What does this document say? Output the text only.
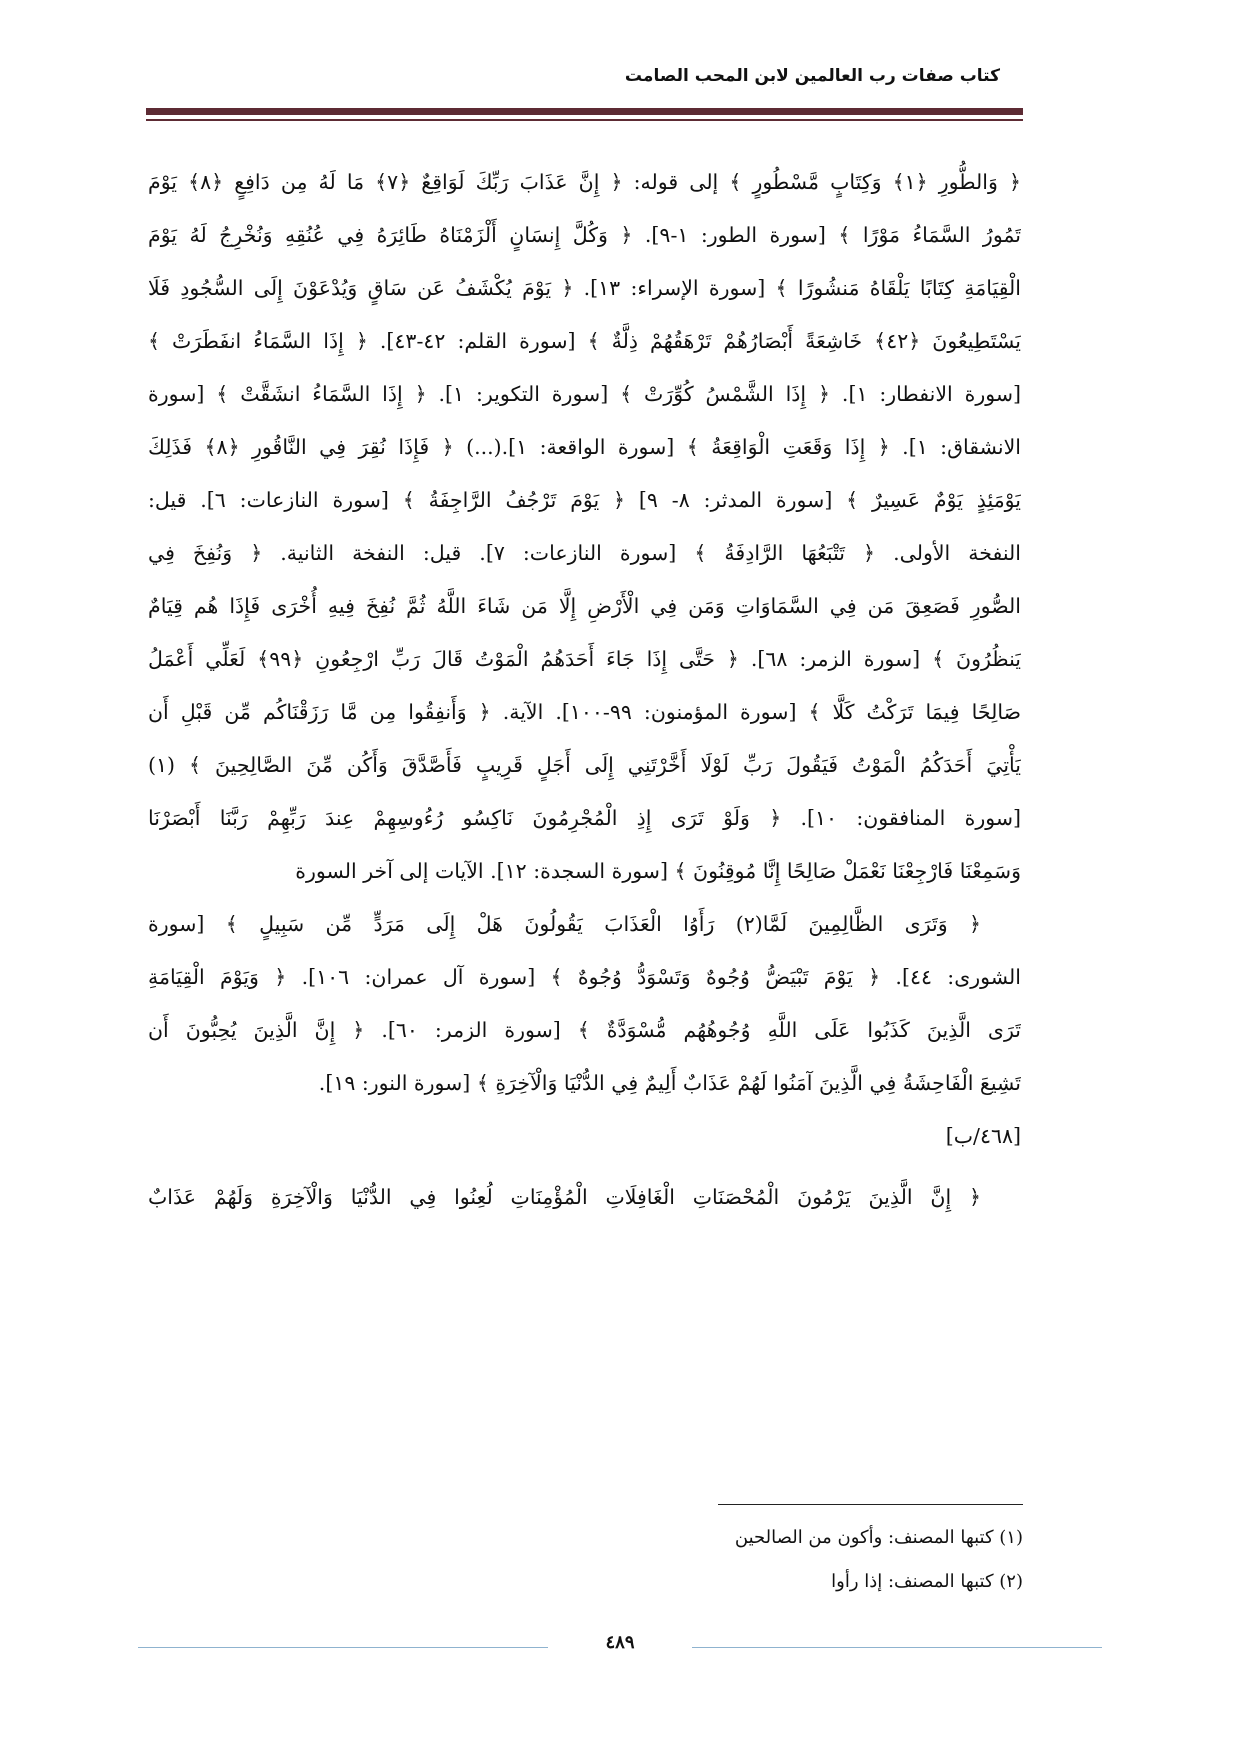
كتاب صفات رب العالمين لابن المحب الصامت
﴿ وَالطُّورِ ﴿١﴾ وَكِتَابٍ مَّسْطُورٍ ﴾ إلى قوله: ﴿ إِنَّ عَذَابَ رَبِّكَ لَوَاقِعٌ ﴿٧﴾ مَا لَهُ مِن دَافِعٍ ﴿٨﴾ يَوْمَ
تَمُورُ السَّمَاءُ مَوْرًا ﴾ [سورة الطور: ١-٩]. ﴿ وَكُلَّ إِنسَانٍ أَلْزَمْنَاهُ طَائِرَهُ فِي عُنُقِهِ وَنُخْرِجُ لَهُ يَوْمَ
الْقِيَامَةِ كِتَابًا يَلْقَاهُ مَنشُورًا ﴾ [سورة الإسراء: ١٣]. ﴿ يَوْمَ يُكْشَفُ عَن سَاقٍ وَيُدْعَوْنَ إِلَى السُّجُودِ فَلَا
يَسْتَطِيعُونَ ﴿٤٢﴾ خَاشِعَةً أَبْصَارُهُمْ تَرْهَقُهُمْ ذِلَّةٌ ﴾ [سورة القلم: ٤٢-٤٣]. ﴿ إِذَا السَّمَاءُ انفَطَرَتْ ﴾
[سورة الانفطار: ١]. ﴿ إِذَا الشَّمْسُ كُوِّرَتْ ﴾ [سورة التكوير: ١]. ﴿ إِذَا السَّمَاءُ انشَقَّتْ ﴾ [سورة
الانشقاق: ١]. ﴿ إِذَا وَقَعَتِ الْوَاقِعَةُ ﴾ [سورة الواقعة: ١].(...) ﴿ فَإِذَا نُقِرَ فِي النَّاقُورِ ﴿٨﴾ فَذَلِكَ
يَوْمَئِذٍ يَوْمٌ عَسِيرٌ ﴾ [سورة المدثر: ٨- ٩] ﴿ يَوْمَ تَرْجُفُ الرَّاجِفَةُ ﴾ [سورة النازعات: ٦]. قيل:
النفخة الأولى. ﴿ تَتْبَعُهَا الرَّادِفَةُ ﴾ [سورة النازعات: ٧]. قيل: النفخة الثانية. ﴿ وَنُفِخَ فِي
الصُّورِ فَصَعِقَ مَن فِي السَّمَاوَاتِ وَمَن فِي الْأَرْضِ إِلَّا مَن شَاءَ اللَّهُ ثُمَّ نُفِخَ فِيهِ أُخْرَى فَإِذَا هُم قِيَامٌ
يَنظُرُونَ ﴾ [سورة الزمر: ٦٨]. ﴿ حَتَّى إِذَا جَاءَ أَحَدَهُمُ الْمَوْتُ قَالَ رَبِّ ارْجِعُونِ ﴿٩٩﴾ لَعَلِّي أَعْمَلُ
صَالِحًا فِيمَا تَرَكْتُ كَلَّا ﴾ [سورة المؤمنون: ٩٩-١٠٠]. الآية. ﴿ وَأَنفِقُوا مِن مَّا رَزَقْنَاكُم مِّن قَبْلِ أَن
يَأْتِيَ أَحَدَكُمُ الْمَوْتُ فَيَقُولَ رَبِّ لَوْلَا أَخَّرْتَنِي إِلَى أَجَلٍ قَرِيبٍ فَأَصَّدَّقَ وَأَكُن مِّنَ الصَّالِحِينَ ﴾ (١)
[سورة المنافقون: ١٠]. ﴿ وَلَوْ تَرَى إِذِ الْمُجْرِمُونَ نَاكِسُو رُءُوسِهِمْ عِندَ رَبِّهِمْ رَبَّنَا أَبْصَرْنَا
وَسَمِعْنَا فَارْجِعْنَا نَعْمَلْ صَالِحًا إِنَّا مُوقِنُونَ ﴾ [سورة السجدة: ١٢]. الآيات إلى آخر السورة
﴿ وَتَرَى الظَّالِمِينَ لَمَّا(٢) رَأَوُا الْعَذَابَ يَقُولُونَ هَلْ إِلَى مَرَدٍّ مِّن سَبِيلٍ ﴾ [سورة
الشورى: ٤٤]. ﴿ يَوْمَ تَبْيَضُّ وُجُوهٌ وَتَسْوَدُّ وُجُوهٌ ﴾ [سورة آل عمران: ١٠٦]. ﴿ وَيَوْمَ الْقِيَامَةِ
تَرَى الَّذِينَ كَذَبُوا عَلَى اللَّهِ وُجُوهُهُم مُّسْوَدَّةٌ ﴾ [سورة الزمر: ٦٠]. ﴿ إِنَّ الَّذِينَ يُحِبُّونَ أَن
تَشِيعَ الْفَاحِشَةُ فِي الَّذِينَ آمَنُوا لَهُمْ عَذَابٌ أَلِيمٌ فِي الدُّنْيَا وَالْآخِرَةِ ﴾ [سورة النور: ١٩].
[٤٦٨/ب]
﴿ إِنَّ الَّذِينَ يَرْمُونَ الْمُحْصَنَاتِ الْغَافِلَاتِ الْمُؤْمِنَاتِ لُعِنُوا فِي الدُّنْيَا وَالْآخِرَةِ وَلَهُمْ عَذَابٌ
(١) كتبها المصنف: وأكون من الصالحين
(٢) كتبها المصنف: إذا رأوا
٤٨٩
